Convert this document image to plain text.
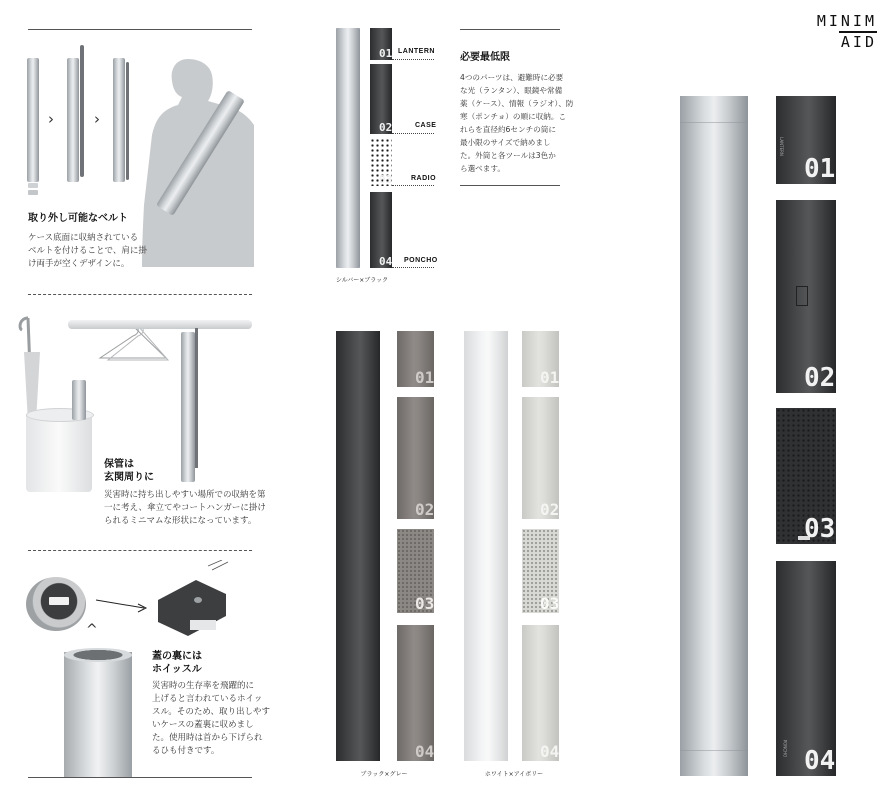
MINIM
AID
›	›
取り外し可能なベルト
ケース底面に収納されている
ベルトを付けることで、肩に掛
け両手が空くデザインに。
保管は
玄関周りに
災害時に持ち出しやすい場所での収納を第
一に考え、傘立てやコートハンガーに掛け
られるミニマムな形状になっています。
^
蓋の裏には
ホイッスル
災害時の生存率を飛躍的に
上げると言われているホイッ
スル。そのため、取り出しやす
いケースの蓋裏に収めまし
た。使用時は首から下げられ
るひも付きです。
01
02
03
04
LANTERN
CASE
RADIO
PONCHO
シルバー×ブラック
必要最低限
4つのパーツは、避難時に必要
な光（ランタン）、眼鏡や常備
薬（ケース）、情報（ラジオ）、防
寒（ポンチョ）の順に収納。こ
れらを直径約6センチの筒に
最小限のサイズで納めまし
た。外筒と各ツールは3色か
ら選べます。
01
02
03
04
ブラック×グレー
01
02
03
04
ホワイト×アイボリー
LANTERN
01
02
03
PONCHO 04
